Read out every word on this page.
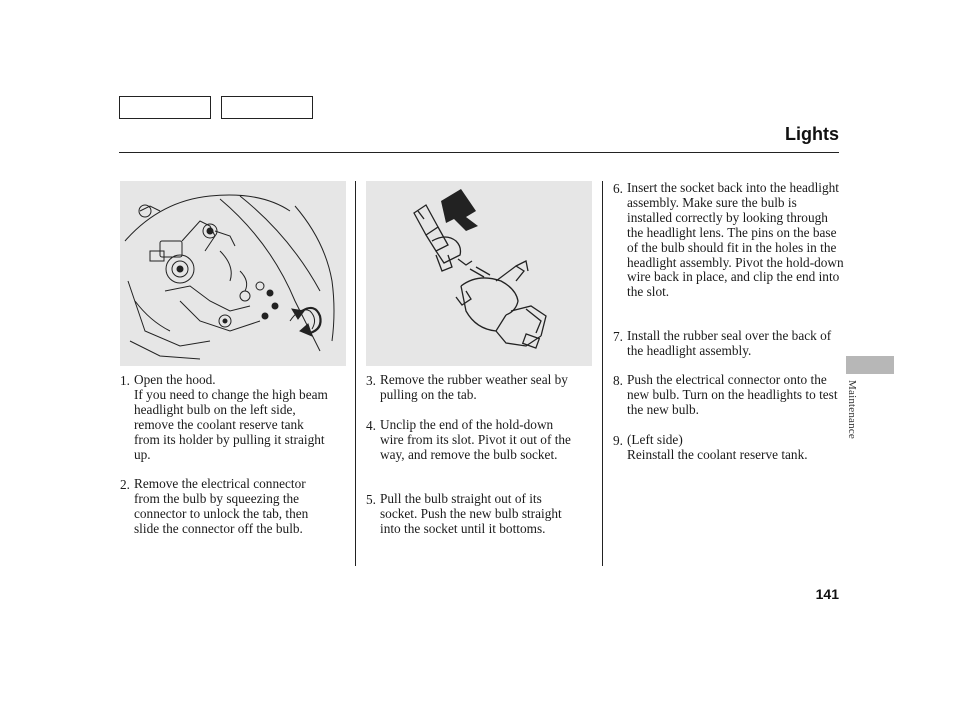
Lights
1. Open the hood.
If you need to change the high beam headlight bulb on the left side, remove the coolant reserve tank from its holder by pulling it straight up.
2. Remove the electrical connector from the bulb by squeezing the connector to unlock the tab, then slide the connector off the bulb.
3. Remove the rubber weather seal by pulling on the tab.
4. Unclip the end of the hold-down wire from its slot. Pivot it out of the way, and remove the bulb socket.
5. Pull the bulb straight out of its socket. Push the new bulb straight into the socket until it bottoms.
6. Insert the socket back into the headlight assembly. Make sure the bulb is installed correctly by looking through the headlight lens. The pins on the base of the bulb should fit in the holes in the headlight assembly. Pivot the hold-down wire back in place, and clip the end into the slot.
7. Install the rubber seal over the back of the headlight assembly.
8. Push the electrical connector onto the new bulb. Turn on the headlights to test the new bulb.
9. (Left side)
Reinstall the coolant reserve tank.
Maintenance
141
